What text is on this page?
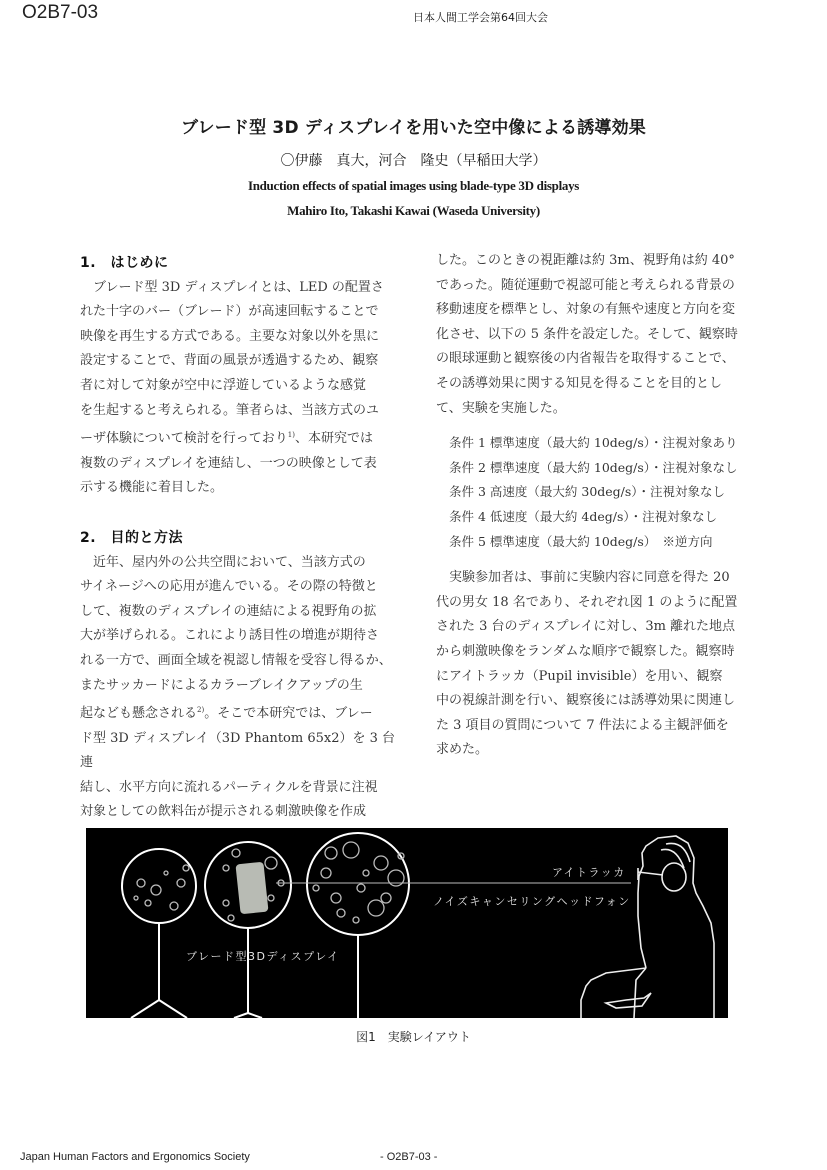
O2B7-03	日本人間工学会第64回大会
ブレード型 3D ディスプレイを用いた空中像による誘導効果
〇伊藤　真大，河合　隆史（早稲田大学）
Induction effects of spatial images using blade-type 3D displays
Mahiro Ito, Takashi Kawai (Waseda University)

1.　はじめに

ブレード型 3D ディスプレイとは、LED の配置さ

れた十字のバー（ブレード）が高速回転することで

映像を再生する方式である。主要な対象以外を黒に

設定することで、背面の風景が透過するため、観察

者に対して対象が空中に浮遊しているような感覚

を生起すると考えられる。筆者らは、当該方式のユ

ーザ体験について検討を行っており$^{1)}$、本研究では

複数のディスプレイを連結し、一つの映像として表

示する機能に着目した。

2.　目的と方法

近年、屋内外の公共空間において、当該方式の

サイネージへの応用が進んでいる。その際の特徴と

して、複数のディスプレイの連結による視野角の拡

大が挙げられる。これにより誘目性の増進が期待さ

れる一方で、画面全域を視認し情報を受容し得るか、

またサッカードによるカラーブレイクアップの生

起なども懸念される$^{2)}$。そこで本研究では、ブレー

ド型 3D ディスプレイ（3D Phantom 65x2）を 3 台連

結し、水平方向に流れるパーティクルを背景に注視

対象としての飲料缶が提示される刺激映像を作成

した。このときの視距離は約 3m、視野角は約 40°

であった。随従運動で視認可能と考えられる背景の

移動速度を標準とし、対象の有無や速度と方向を変

化させ、以下の 5 条件を設定した。そして、観察時

の眼球運動と観察後の内省報告を取得することで、

その誘導効果に関する知見を得ることを目的とし

て、実験を実施した。

条件 1 標準速度（最大約 10deg/s）・注視対象あり

条件 2 標準速度（最大約 10deg/s）・注視対象なし

条件 3 高速度（最大約 30deg/s）・注視対象なし

条件 4 低速度（最大約 4deg/s）・注視対象なし

条件 5 標準速度（最大約 10deg/s）　※逆方向

実験参加者は、事前に実験内容に同意を得た 20

代の男女 18 名であり、それぞれ図 1 のように配置

された 3 台のディスプレイに対し、3m 離れた地点

から刺激映像をランダムな順序で観察した。観察時

にアイトラッカ（Pupil invisible）を用い、観察

中の視線計測を行い、観察後には誘導効果に関連し

た 3 項目の質問について 7 件法による主観評価を

求めた。

ブレード型3Dディスプレイ
アイトラッカ
ノイズキャンセリングヘッドフォン
図1　実験レイアウト
Japan Human Factors and Ergonomics Society	- O2B7-03 -
